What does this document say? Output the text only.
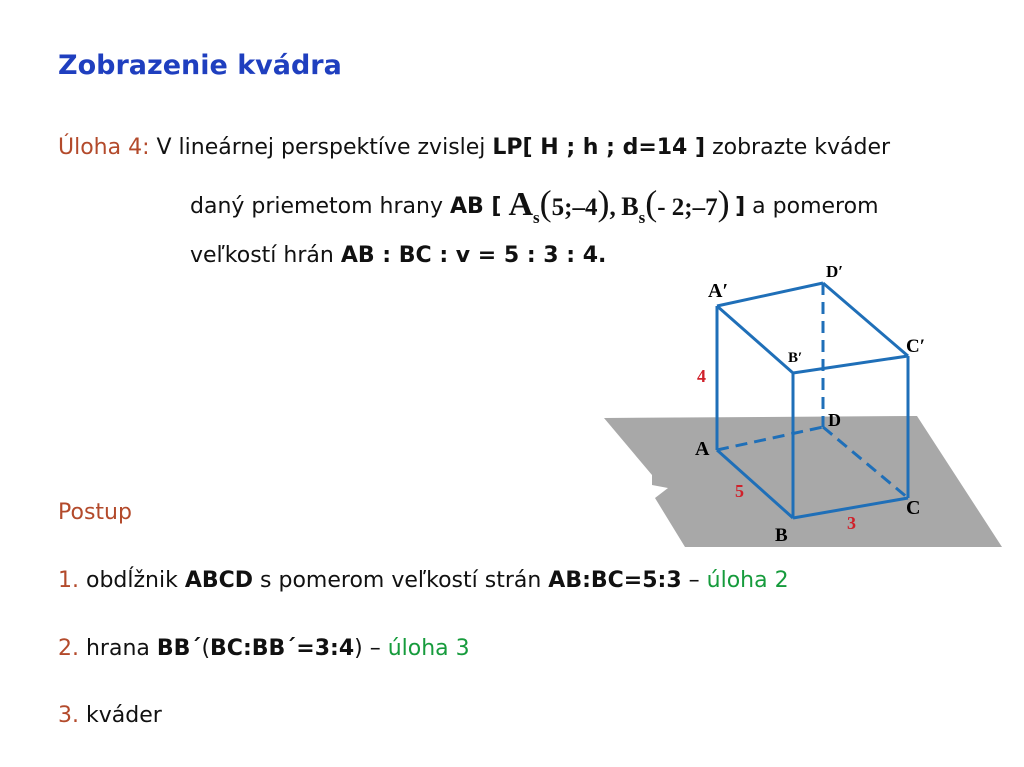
Zobrazenie kvádra
Úloha 4: V lineárnej perspektíve zvislej LP[ H ; h ; d=14 ] zobrazte kváder
daný priemetom hrany AB [ $A_s(5;-4)$, $B_s(-$ 2;–7) ] a pomerom
veľkostí hrán AB : BC : v = 5 : 3 : 4.
A′
D′
B′
C′
D
A
C
B
4
5
3
Postup
1. obdĺžnik ABCD s pomerom veľkostí strán AB:BC=5:3 – úloha 2
2. hrana BB´(BC:BB´=3:4) – úloha 3
3. kváder
